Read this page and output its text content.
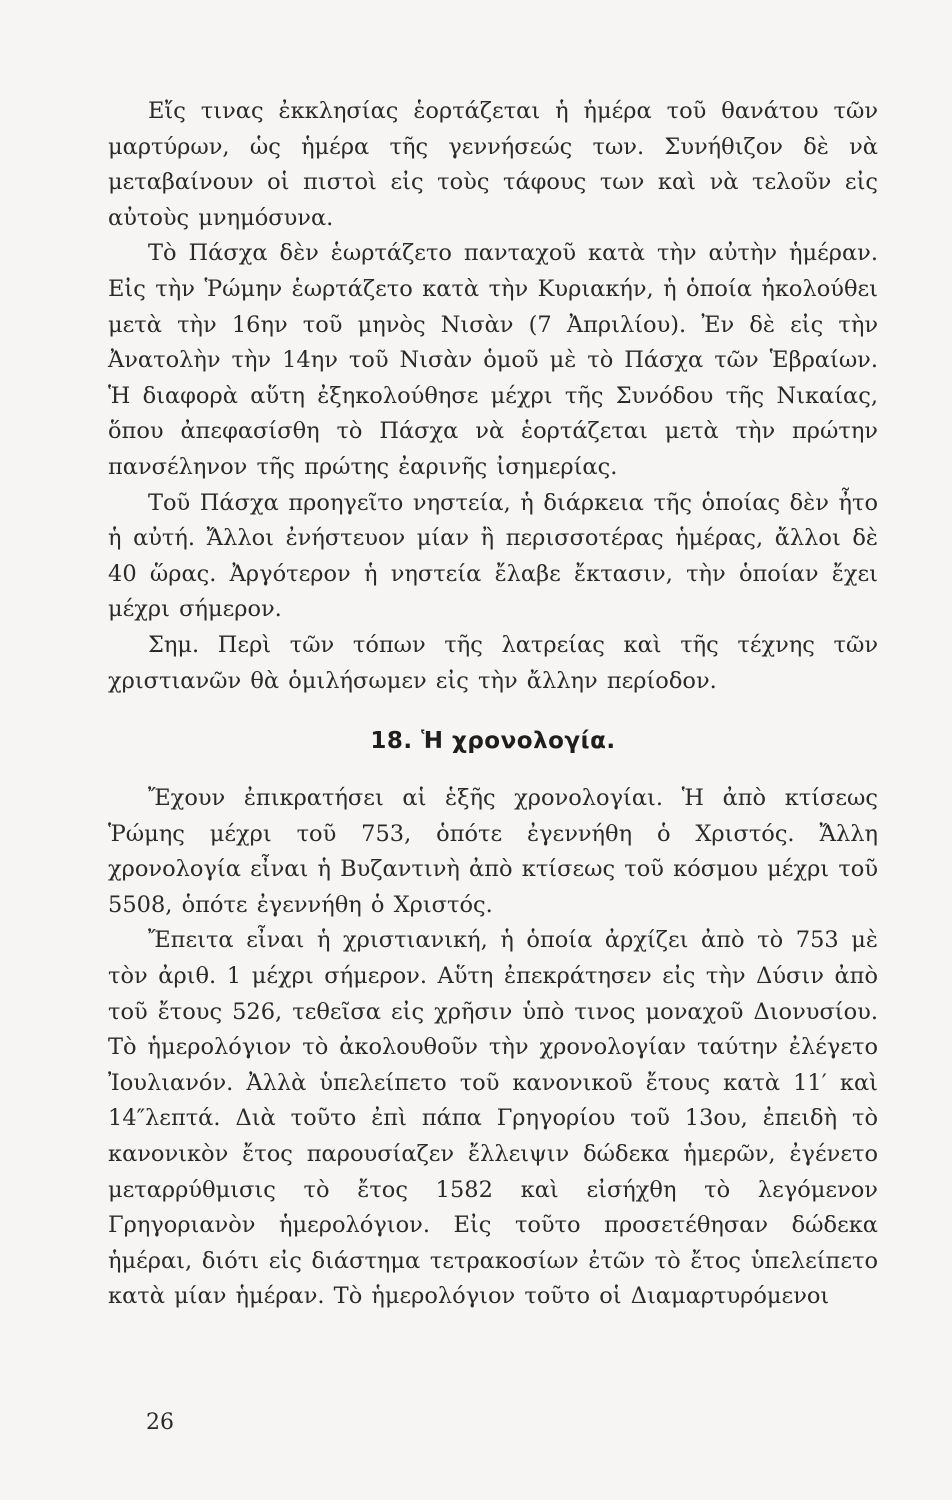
Εἴς τινας ἐκκλησίας ἑορτάζεται ἡ ἡμέρα τοῦ θανάτου τῶν μαρτύρων, ὡς ἡμέρα τῆς γεννήσεώς των. Συνήθιζον δὲ νὰ μεταβαίνουν οἱ πιστοὶ εἰς τοὺς τάφους των καὶ νὰ τελοῦν εἰς αὐτοὺς μνημόσυνα.

Τὸ Πάσχα δὲν ἑωρτάζετο πανταχοῦ κατὰ τὴν αὐτὴν ἡμέραν. Εἰς τὴν Ῥώμην ἑωρτάζετο κατὰ τὴν Κυριακήν, ἡ ὁποία ἠκολούθει μετὰ τὴν 16ην τοῦ μηνὸς Νισὰν (7 Ἀπριλίου). Ἐν δὲ εἰς τὴν Ἀνατολὴν τὴν 14ην τοῦ Νισὰν ὁμοῦ μὲ τὸ Πάσχα τῶν Ἑβραίων. Ἡ διαφορὰ αὕτη ἐξηκολούθησε μέχρι τῆς Συνόδου τῆς Νικαίας, ὅπου ἀπεφασίσθη τὸ Πάσχα νὰ ἑορτάζεται μετὰ τὴν πρώτην πανσέληνον τῆς πρώτης ἐαρινῆς ἰσημερίας.

Τοῦ Πάσχα προηγεῖτο νηστεία, ἡ διάρκεια τῆς ὁποίας δὲν ἦτο ἡ αὐτή. Ἄλλοι ἐνήστευον μίαν ἢ περισσοτέρας ἡμέρας, ἄλλοι δὲ 40 ὥρας. Ἀργότερον ἡ νηστεία ἔλαβε ἔκτασιν, τὴν ὁποίαν ἔχει μέχρι σήμερον.

Σημ. Περὶ τῶν τόπων τῆς λατρείας καὶ τῆς τέχνης τῶν χριστιανῶν θὰ ὁμιλήσωμεν εἰς τὴν ἄλλην περίοδον.

18. Ἡ χρονολογία.

Ἔχουν ἐπικρατήσει αἱ ἑξῆς χρονολογίαι. Ἡ ἀπὸ κτίσεως Ῥώμης μέχρι τοῦ 753, ὁπότε ἐγεννήθη ὁ Χριστός. Ἄλλη χρονολογία εἶναι ἡ Βυζαντινὴ ἀπὸ κτίσεως τοῦ κόσμου μέχρι τοῦ 5508, ὁπότε ἐγεννήθη ὁ Χριστός.

Ἔπειτα εἶναι ἡ χριστιανική, ἡ ὁποία ἀρχίζει ἀπὸ τὸ 753 μὲ τὸν ἀριθ. 1 μέχρι σήμερον. Αὕτη ἐπεκράτησεν εἰς τὴν Δύσιν ἀπὸ τοῦ ἔτους 526, τεθεῖσα εἰς χρῆσιν ὑπὸ τινος μοναχοῦ Διονυσίου. Τὸ ἡμερολόγιον τὸ ἀκολουθοῦν τὴν χρονολογίαν ταύτην ἐλέγετο Ἰουλιανόν. Ἀλλὰ ὑπελείπετο τοῦ κανονικοῦ ἔτους κατὰ 11′ καὶ 14″λεπτά. Διὰ τοῦτο ἐπὶ πάπα Γρηγορίου τοῦ 13ου, ἐπειδὴ τὸ κανονικὸν ἔτος παρουσίαζεν ἔλλειψιν δώδεκα ἡμερῶν, ἐγένετο μεταρρύθμισις τὸ ἔτος 1582 καὶ εἰσήχθη τὸ λεγόμενον Γρηγοριανὸν ἡμερολόγιον. Εἰς τοῦτο προσετέθησαν δώδεκα ἡμέραι, διότι εἰς διάστημα τετρακοσίων ἐτῶν τὸ ἔτος ὑπελείπετο κατὰ μίαν ἡμέραν. Τὸ ἡμερολόγιον τοῦτο οἱ Διαμαρτυρόμενοι

26
